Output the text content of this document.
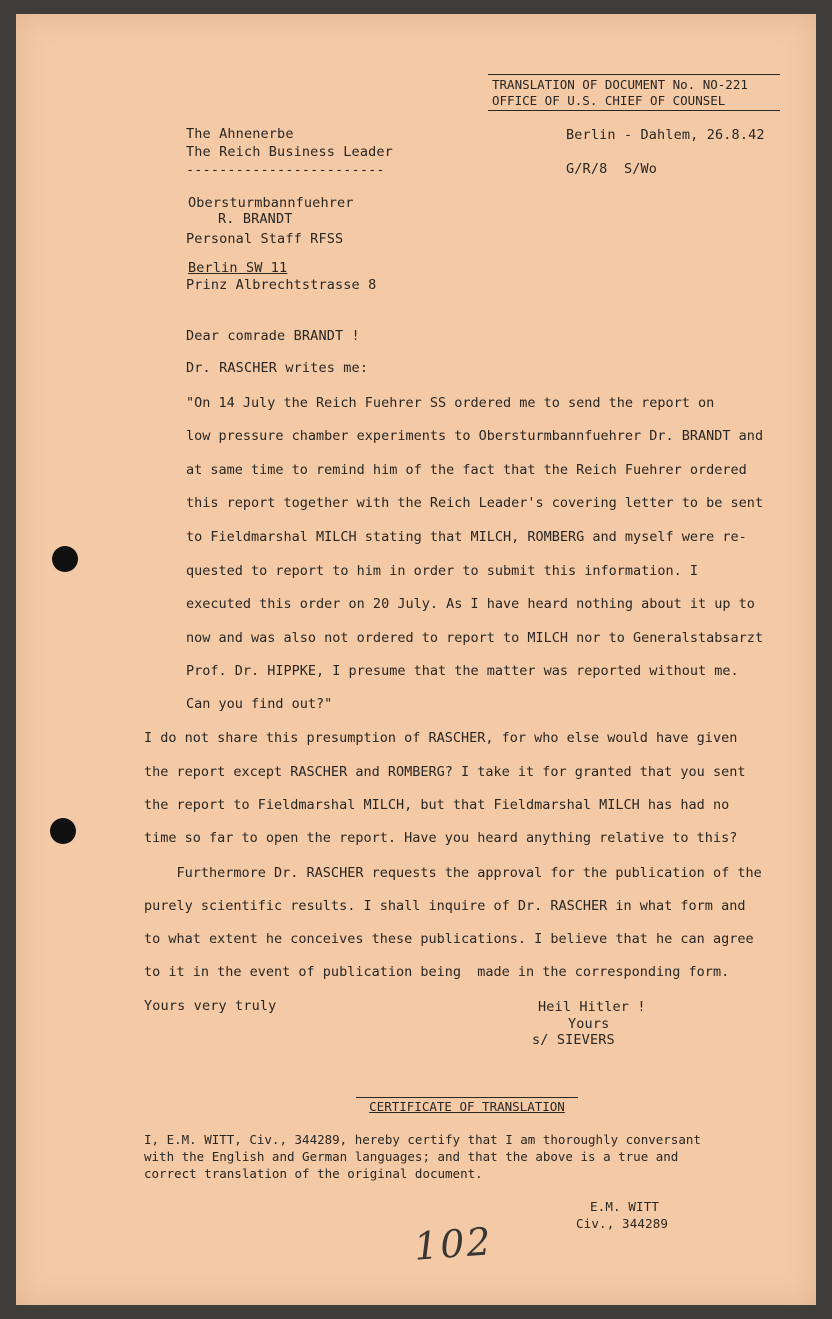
TRANSLATION OF DOCUMENT No. NO-221
OFFICE OF U.S. CHIEF OF COUNSEL
The Ahnenerbe
The Reich Business Leader
------------------------
Berlin - Dahlem, 26.8.42
G/R/8  S/Wo
Obersturmbannfuehrer
R. BRANDT
Personal Staff RFSS
Berlin SW 11
Prinz Albrechtstrasse 8
Dear comrade BRANDT !
Dr. RASCHER writes me:
"On 14 July the Reich Fuehrer SS ordered me to send the report on
low pressure chamber experiments to Obersturmbannfuehrer Dr. BRANDT and
at same time to remind him of the fact that the Reich Fuehrer ordered
this report together with the Reich Leader's covering letter to be sent
to Fieldmarshal MILCH stating that MILCH, ROMBERG and myself were re-
quested to report to him in order to submit this information. I
executed this order on 20 July. As I have heard nothing about it up to
now and was also not ordered to report to MILCH nor to Generalstabsarzt
Prof. Dr. HIPPKE, I presume that the matter was reported without me.
Can you find out?"
I do not share this presumption of RASCHER, for who else would have given
the report except RASCHER and ROMBERG? I take it for granted that you sent
the report to Fieldmarshal MILCH, but that Fieldmarshal MILCH has had no
time so far to open the report. Have you heard anything relative to this?
Furthermore Dr. RASCHER requests the approval for the publication of the
purely scientific results. I shall inquire of Dr. RASCHER in what form and
to what extent he conceives these publications. I believe that he can agree
to it in the event of publication being  made in the corresponding form.
Yours very truly	Heil Hitler !
Yours
s/ SIEVERS
CERTIFICATE OF TRANSLATION
I, E.M. WITT, Civ., 344289, hereby certify that I am thoroughly conversant
with the English and German languages; and that the above is a true and
correct translation of the original document.
E.M. WITT
Civ., 344289
102
